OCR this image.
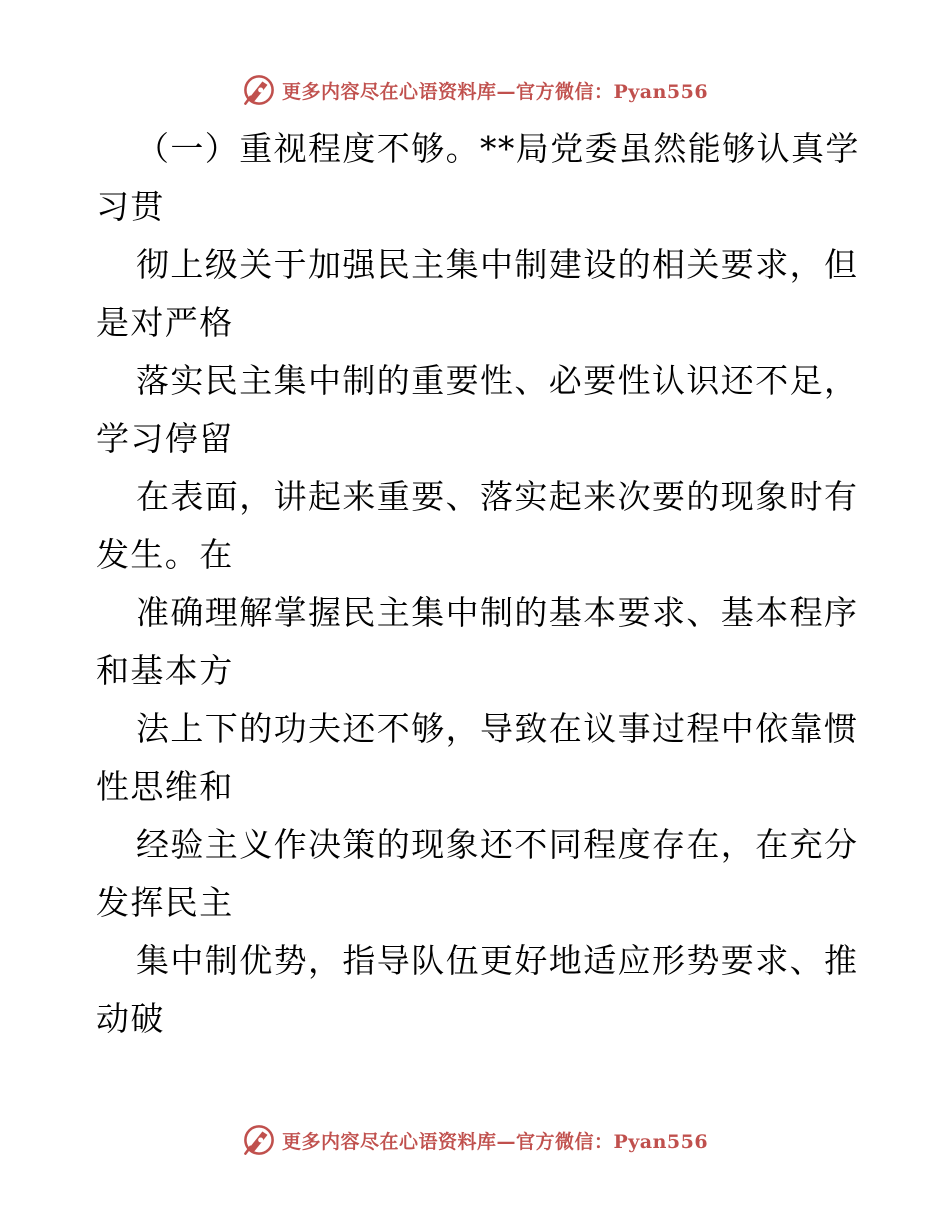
更多内容尽在心语资料库—官方微信：Pyan556
（一）重视程度不够。**局党委虽然能够认真学
习贯
彻上级关于加强民主集中制建设的相关要求，但
是对严格
落实民主集中制的重要性、必要性认识还不足，
学习停留
在表面，讲起来重要、落实起来次要的现象时有
发生。在
准确理解掌握民主集中制的基本要求、基本程序
和基本方
法上下的功夫还不够，导致在议事过程中依靠惯
性思维和
经验主义作决策的现象还不同程度存在，在充分
发挥民主
集中制优势，指导队伍更好地适应形势要求、推
动破
更多内容尽在心语资料库—官方微信：Pyan556
